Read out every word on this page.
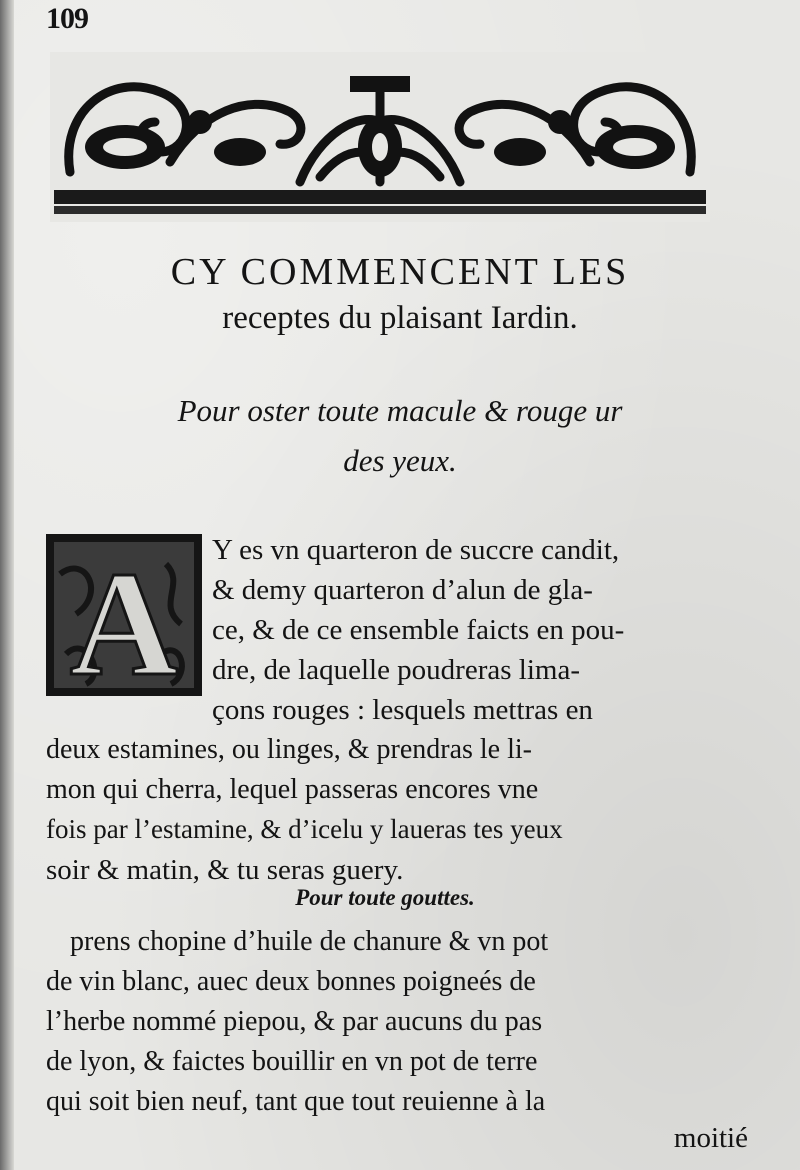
109
CY COMMENCENT LES
receptes du plaisant Iardin.
Pour oster toute macule & rouge ur
des yeux.
A Y es vn quarteron de succre candit,
& demy quarteron d’alun de gla-
ce, & de ce ensemble faicts en pou-
dre, de laquelle poudreras lima-
çons rouges : lesquels mettras en
deux estamines, ou linges, & prendras le li-
mon qui cherra, lequel passeras encores vne
fois par l’estamine, & d’icelu y laueras tes yeux
soir & matin, & tu seras guery.
Pour toute gouttes.
prens chopine d’huile de chanure & vn pot
de vin blanc, auec deux bonnes poigneés de
l’herbe nommé piepou, & par aucuns du pas
de lyon, & faictes bouillir en vn pot de terre
qui soit bien neuf, tant que tout reuienne à la
moitié
